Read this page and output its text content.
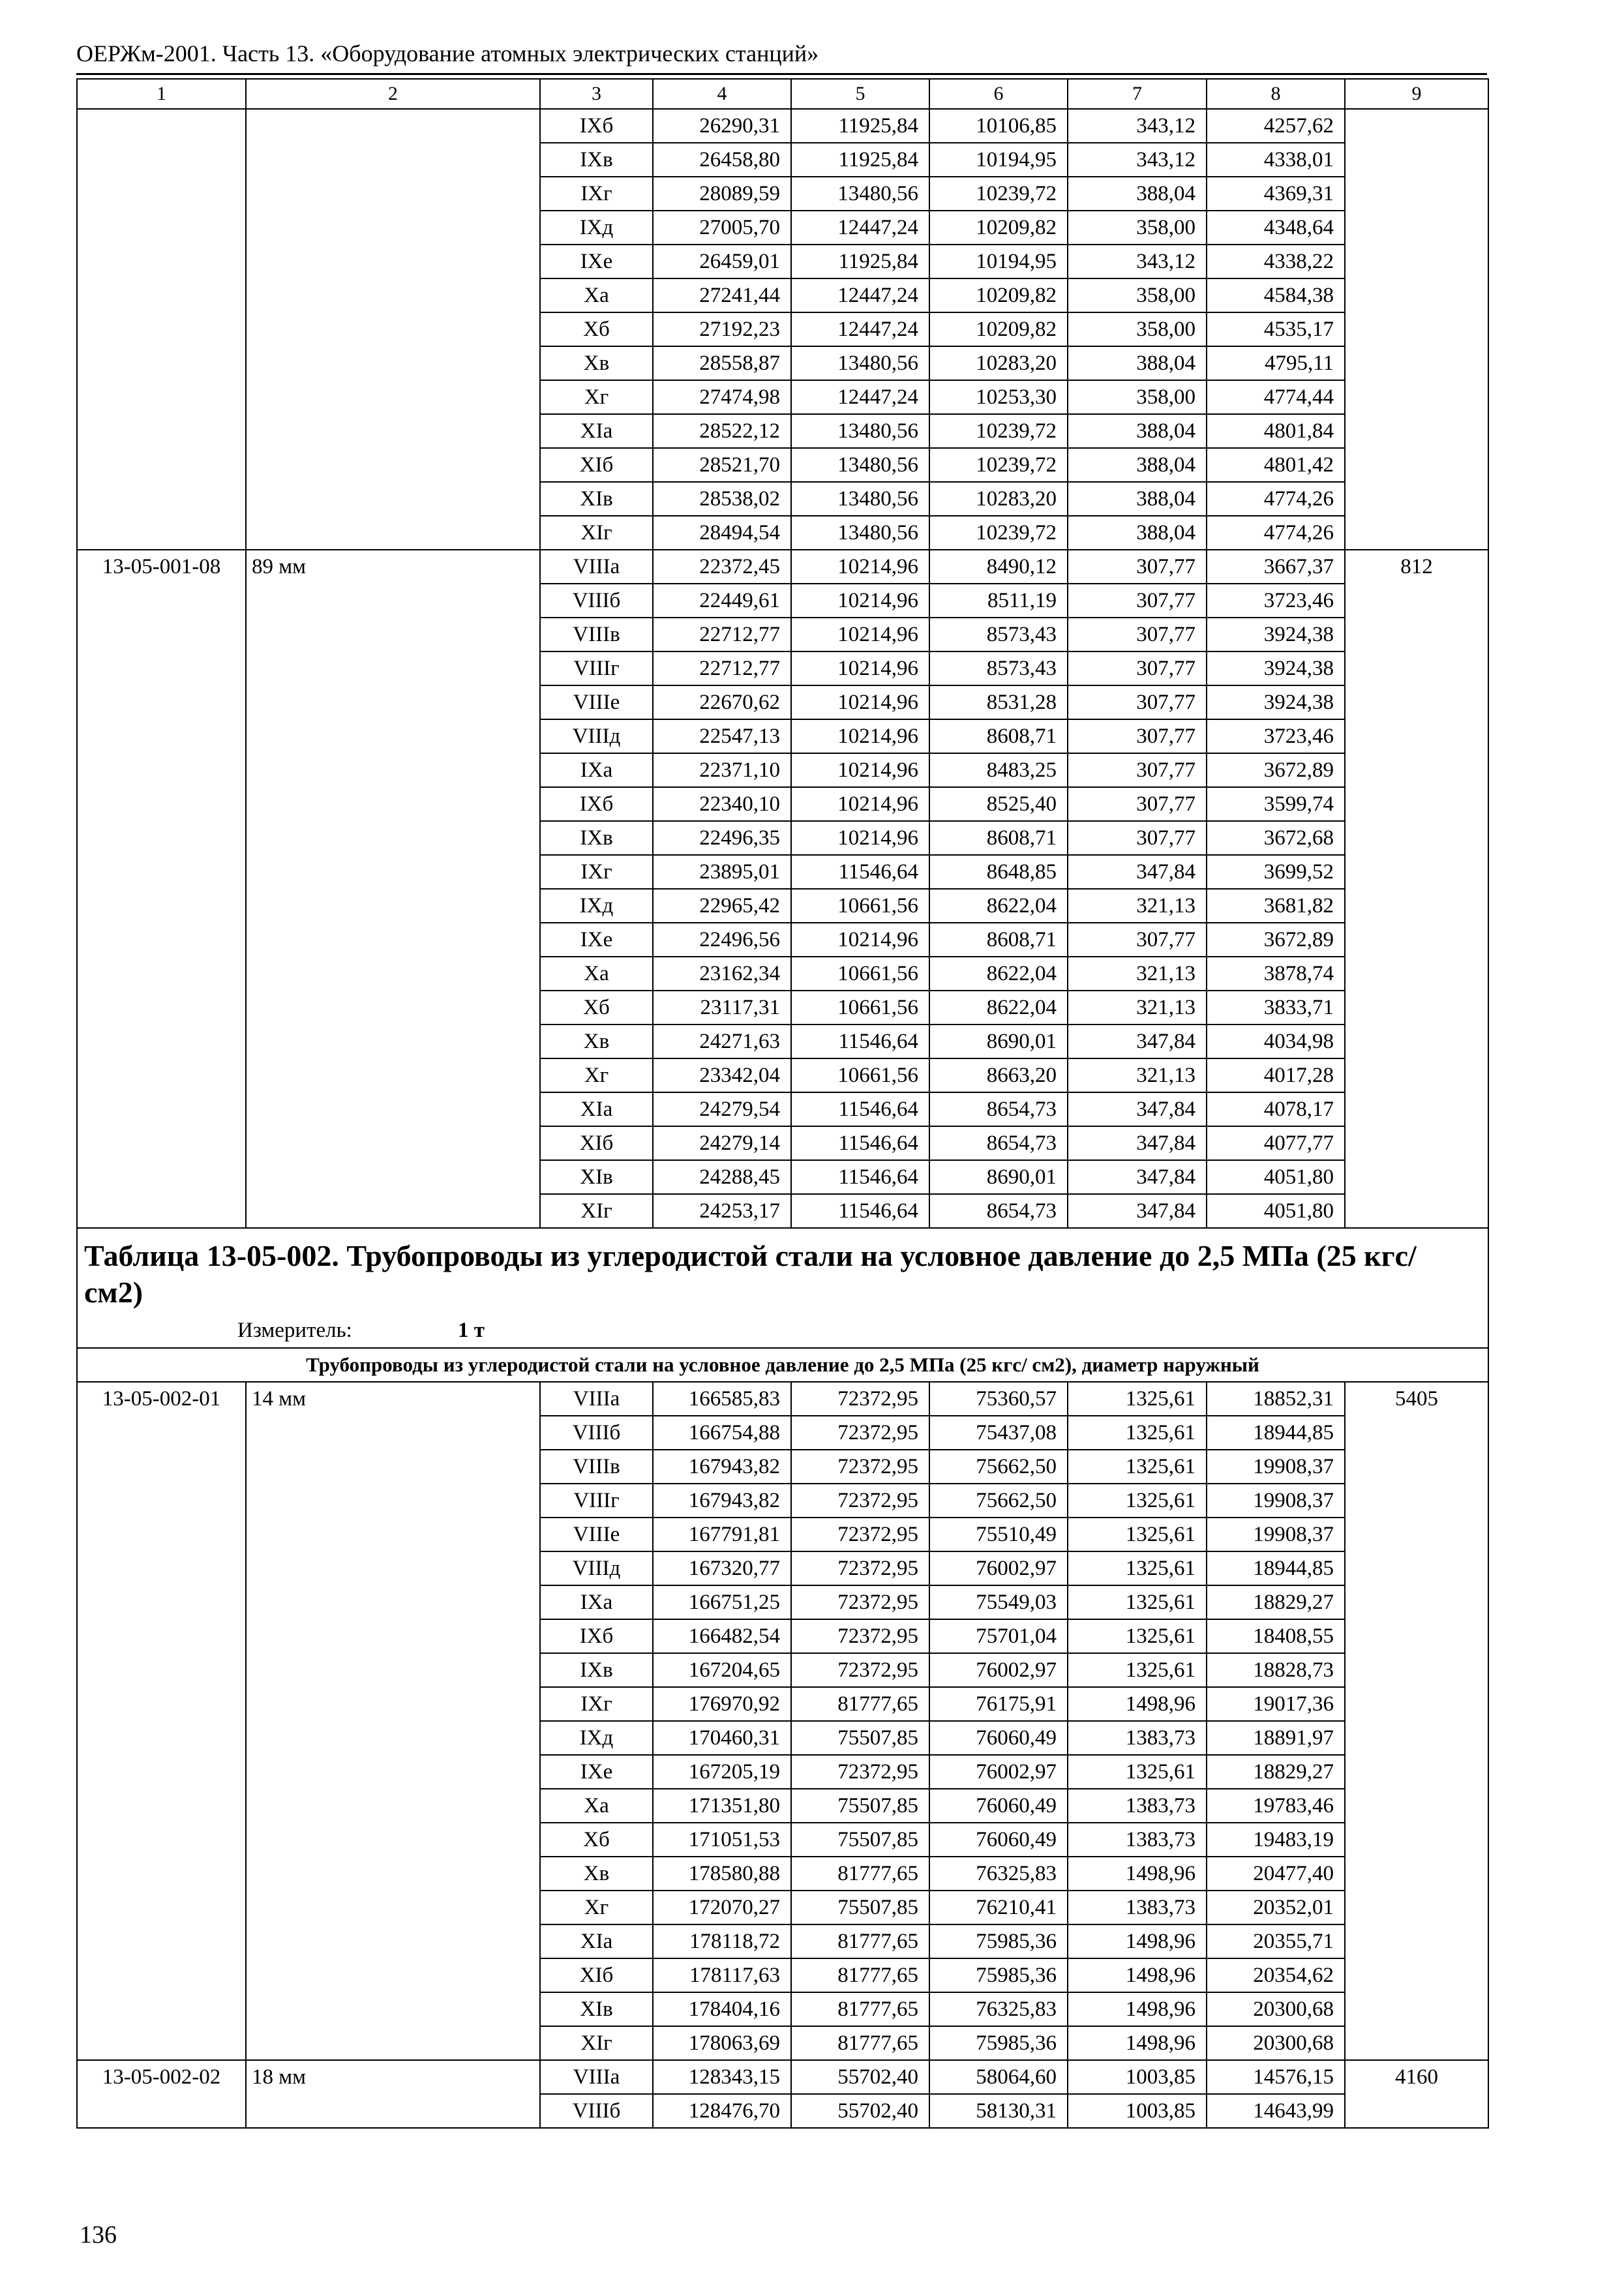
ОЕРЖм-2001. Часть 13. «Оборудование атомных электрических станций»
1	2	3	4	5	6	7	8	9
		IXб	26290,31	11925,84	10106,85	343,12	4257,62	
		IXв	26458,80	11925,84	10194,95	343,12	4338,01	
		IXг	28089,59	13480,56	10239,72	388,04	4369,31	
		IXд	27005,70	12447,24	10209,82	358,00	4348,64	
		IXе	26459,01	11925,84	10194,95	343,12	4338,22	
		Xа	27241,44	12447,24	10209,82	358,00	4584,38	
		Xб	27192,23	12447,24	10209,82	358,00	4535,17	
		Xв	28558,87	13480,56	10283,20	388,04	4795,11	
		Xг	27474,98	12447,24	10253,30	358,00	4774,44	
		XIа	28522,12	13480,56	10239,72	388,04	4801,84	
		XIб	28521,70	13480,56	10239,72	388,04	4801,42	
		XIв	28538,02	13480,56	10283,20	388,04	4774,26	
		XIг	28494,54	13480,56	10239,72	388,04	4774,26	
13-05-001-08	89 мм	VIIIа	22372,45	10214,96	8490,12	307,77	3667,37	812
		VIIIб	22449,61	10214,96	8511,19	307,77	3723,46	
		VIIIв	22712,77	10214,96	8573,43	307,77	3924,38	
		VIIIг	22712,77	10214,96	8573,43	307,77	3924,38	
		VIIIе	22670,62	10214,96	8531,28	307,77	3924,38	
		VIIIд	22547,13	10214,96	8608,71	307,77	3723,46	
		IXа	22371,10	10214,96	8483,25	307,77	3672,89	
		IXб	22340,10	10214,96	8525,40	307,77	3599,74	
		IXв	22496,35	10214,96	8608,71	307,77	3672,68	
		IXг	23895,01	11546,64	8648,85	347,84	3699,52	
		IXд	22965,42	10661,56	8622,04	321,13	3681,82	
		IXе	22496,56	10214,96	8608,71	307,77	3672,89	
		Xа	23162,34	10661,56	8622,04	321,13	3878,74	
		Xб	23117,31	10661,56	8622,04	321,13	3833,71	
		Xв	24271,63	11546,64	8690,01	347,84	4034,98	
		Xг	23342,04	10661,56	8663,20	321,13	4017,28	
		XIа	24279,54	11546,64	8654,73	347,84	4078,17	
		XIб	24279,14	11546,64	8654,73	347,84	4077,77	
		XIв	24288,45	11546,64	8690,01	347,84	4051,80	
		XIг	24253,17	11546,64	8654,73	347,84	4051,80	
Таблица 13-05-002. Трубопроводы из углеродистой стали на условное давление до 2,5 МПа (25 кгс/ см2)								
Измеритель: 1 т								
Трубопроводы из углеродистой стали на условное давление до 2,5 МПа (25 кгс/ см2), диаметр наружный								
13-05-002-01	14 мм	VIIIа	166585,83	72372,95	75360,57	1325,61	18852,31	5405
		VIIIб	166754,88	72372,95	75437,08	1325,61	18944,85	
		VIIIв	167943,82	72372,95	75662,50	1325,61	19908,37	
		VIIIг	167943,82	72372,95	75662,50	1325,61	19908,37	
		VIIIе	167791,81	72372,95	75510,49	1325,61	19908,37	
		VIIIд	167320,77	72372,95	76002,97	1325,61	18944,85	
		IXа	166751,25	72372,95	75549,03	1325,61	18829,27	
		IXб	166482,54	72372,95	75701,04	1325,61	18408,55	
		IXв	167204,65	72372,95	76002,97	1325,61	18828,73	
		IXг	176970,92	81777,65	76175,91	1498,96	19017,36	
		IXд	170460,31	75507,85	76060,49	1383,73	18891,97	
		IXе	167205,19	72372,95	76002,97	1325,61	18829,27	
		Xа	171351,80	75507,85	76060,49	1383,73	19783,46	
		Xб	171051,53	75507,85	76060,49	1383,73	19483,19	
		Xв	178580,88	81777,65	76325,83	1498,96	20477,40	
		Xг	172070,27	75507,85	76210,41	1383,73	20352,01	
		XIа	178118,72	81777,65	75985,36	1498,96	20355,71	
		XIб	178117,63	81777,65	75985,36	1498,96	20354,62	
		XIв	178404,16	81777,65	76325,83	1498,96	20300,68	
		XIг	178063,69	81777,65	75985,36	1498,96	20300,68	
13-05-002-02	18 мм	VIIIа	128343,15	55702,40	58064,60	1003,85	14576,15	4160
		VIIIб	128476,70	55702,40	58130,31	1003,85	14643,99	
136
